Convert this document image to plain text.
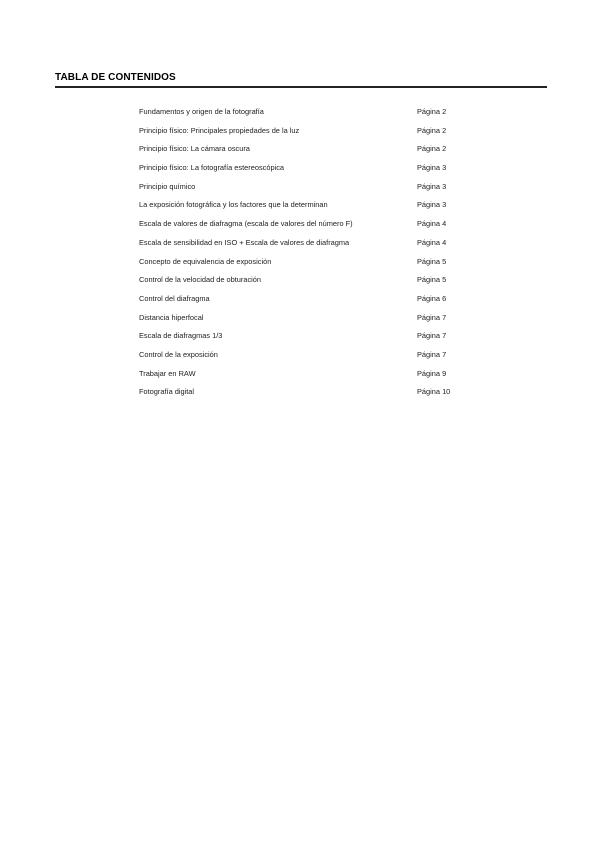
TABLA DE CONTENIDOS
Fundamentos y origen de la fotografía	Página 2
Principio físico: Principales propiedades de la luz	Página 2
Principio físico: La cámara oscura	Página 2
Principio físico: La fotografía estereoscópica	Página 3
Principio químico	Página 3
La exposición fotográfica y los factores que la determinan	Página 3
Escala de valores de diafragma (escala de valores del número F)	Página 4
Escala de sensibilidad en ISO + Escala de valores de diafragma	Página 4
Concepto de equivalencia de exposición	Página 5
Control de la velocidad de obturación	Página 5
Control del diafragma	Página 6
Distancia hiperfocal	Página 7
Escala de diafragmas 1/3	Página 7
Control de la exposición	Página 7
Trabajar en RAW	Página 9
Fotografía digital	Página 10
